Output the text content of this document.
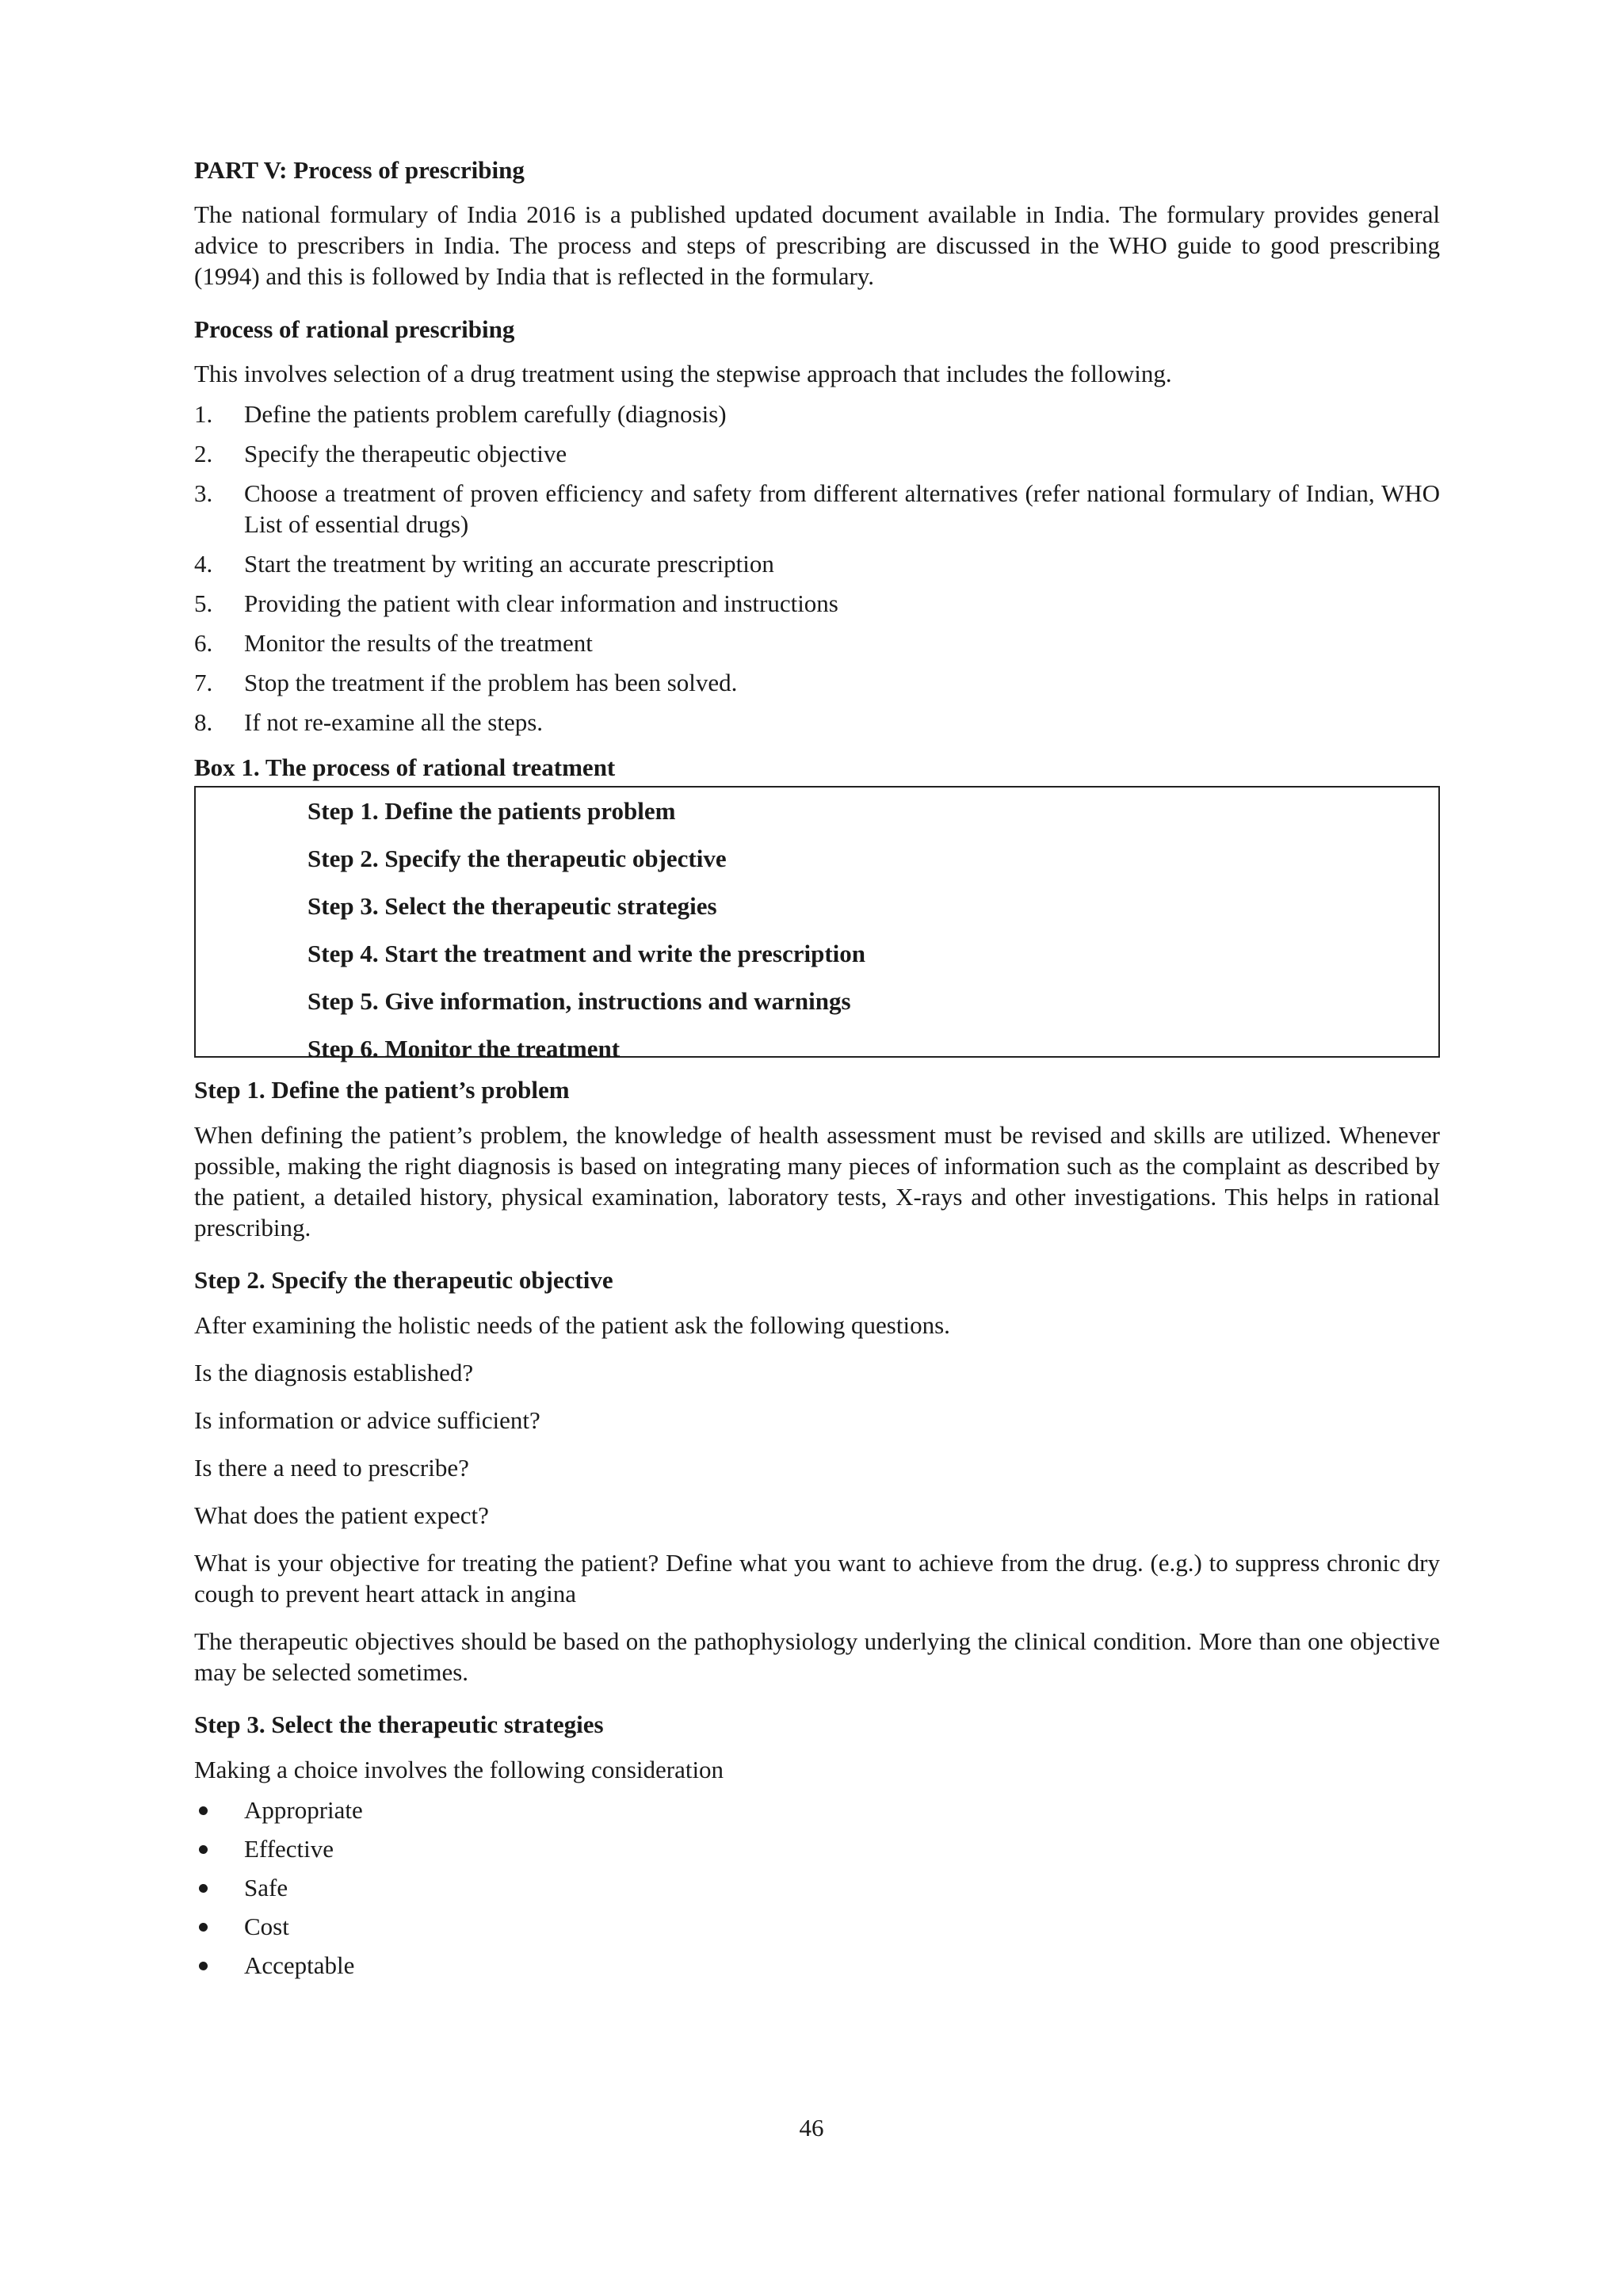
PART V: Process of prescribing

The national formulary of India 2016 is a published updated document available in India. The formulary provides general advice to prescribers in India. The process and steps of prescribing are discussed in the WHO guide to good prescribing (1994) and this is followed by India that is reflected in the formulary.

Process of rational prescribing

This involves selection of a drug treatment using the stepwise approach that includes the following.

1. Define the patients problem carefully (diagnosis)
2. Specify the therapeutic objective
3. Choose a treatment of proven efficiency and safety from different alternatives (refer national formulary of Indian, WHO List of essential drugs)
4. Start the treatment by writing an accurate prescription
5. Providing the patient with clear information and instructions
6. Monitor the results of the treatment
7. Stop the treatment if the problem has been solved.
8. If not re-examine all the steps.

Box 1. The process of rational treatment

Step 1. Define the patients problem

Step 2. Specify the therapeutic objective

Step 3. Select the therapeutic strategies

Step 4. Start the treatment and write the prescription

Step 5. Give information, instructions and warnings

Step 6. Monitor the treatment

Step 1. Define the patient’s problem

When defining the patient’s problem, the knowledge of health assessment must be revised and skills are utilized. Whenever possible, making the right diagnosis is based on integrating many pieces of information such as the complaint as described by the patient, a detailed history, physical examination, laboratory tests, X-rays and other investigations. This helps in rational prescribing.

Step 2. Specify the therapeutic objective

After examining the holistic needs of the patient ask the following questions.

Is the diagnosis established?

Is information or advice sufficient?

Is there a need to prescribe?

What does the patient expect?

What is your objective for treating the patient? Define what you want to achieve from the drug. (e.g.) to suppress chronic dry cough to prevent heart attack in angina

The therapeutic objectives should be based on the pathophysiology underlying the clinical condition. More than one objective may be selected sometimes.

Step 3. Select the therapeutic strategies

Making a choice involves the following consideration

Appropriate
Effective
Safe
Cost
Acceptable
46
